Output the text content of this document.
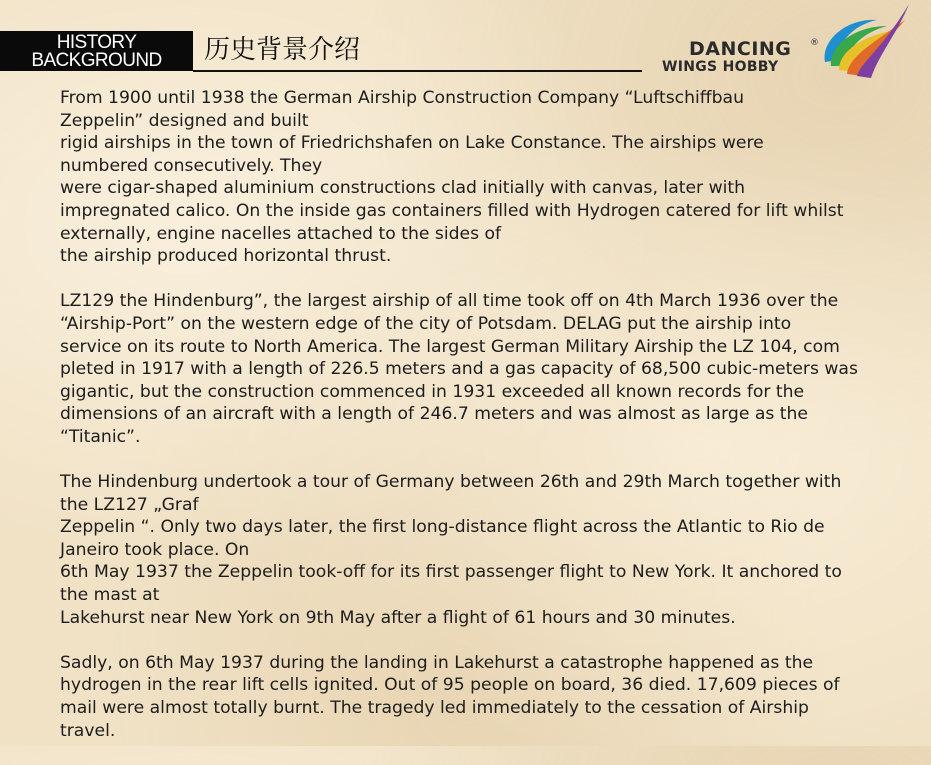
HISTORY
BACKGROUND	历史背景介绍	DANCING ®
WINGS HOBBY
From 1900 until 1938 the German Airship Construction Company “Luftschiffbau
Zeppelin” designed and built
rigid airships in the town of Friedrichshafen on Lake Constance. The airships were
numbered consecutively. They
were cigar-shaped aluminium constructions clad initially with canvas, later with
impregnated calico. On the inside gas containers filled with Hydrogen catered for lift whilst
externally, engine nacelles attached to the sides of
the airship produced horizontal thrust.
LZ129 the Hindenburg”, the largest airship of all time took off on 4th March 1936 over the
“Airship-Port” on the western edge of the city of Potsdam. DELAG put the airship into
service on its route to North America. The largest German Military Airship the LZ 104, com
pleted in 1917 with a length of 226.5 meters and a gas capacity of 68,500 cubic-meters was
gigantic, but the construction commenced in 1931 exceeded all known records for the
dimensions of an aircraft with a length of 246.7 meters and was almost as large as the
“Titanic”.
The Hindenburg undertook a tour of Germany between 26th and 29th March together with
the LZ127 „Graf
Zeppelin “. Only two days later, the first long-distance flight across the Atlantic to Rio de
Janeiro took place. On
6th May 1937 the Zeppelin took-off for its first passenger flight to New York. It anchored to
the mast at
Lakehurst near New York on 9th May after a flight of 61 hours and 30 minutes.
Sadly, on 6th May 1937 during the landing in Lakehurst a catastrophe happened as the
hydrogen in the rear lift cells ignited. Out of 95 people on board, 36 died. 17,609 pieces of
mail were almost totally burnt. The tragedy led immediately to the cessation of Airship
travel.
